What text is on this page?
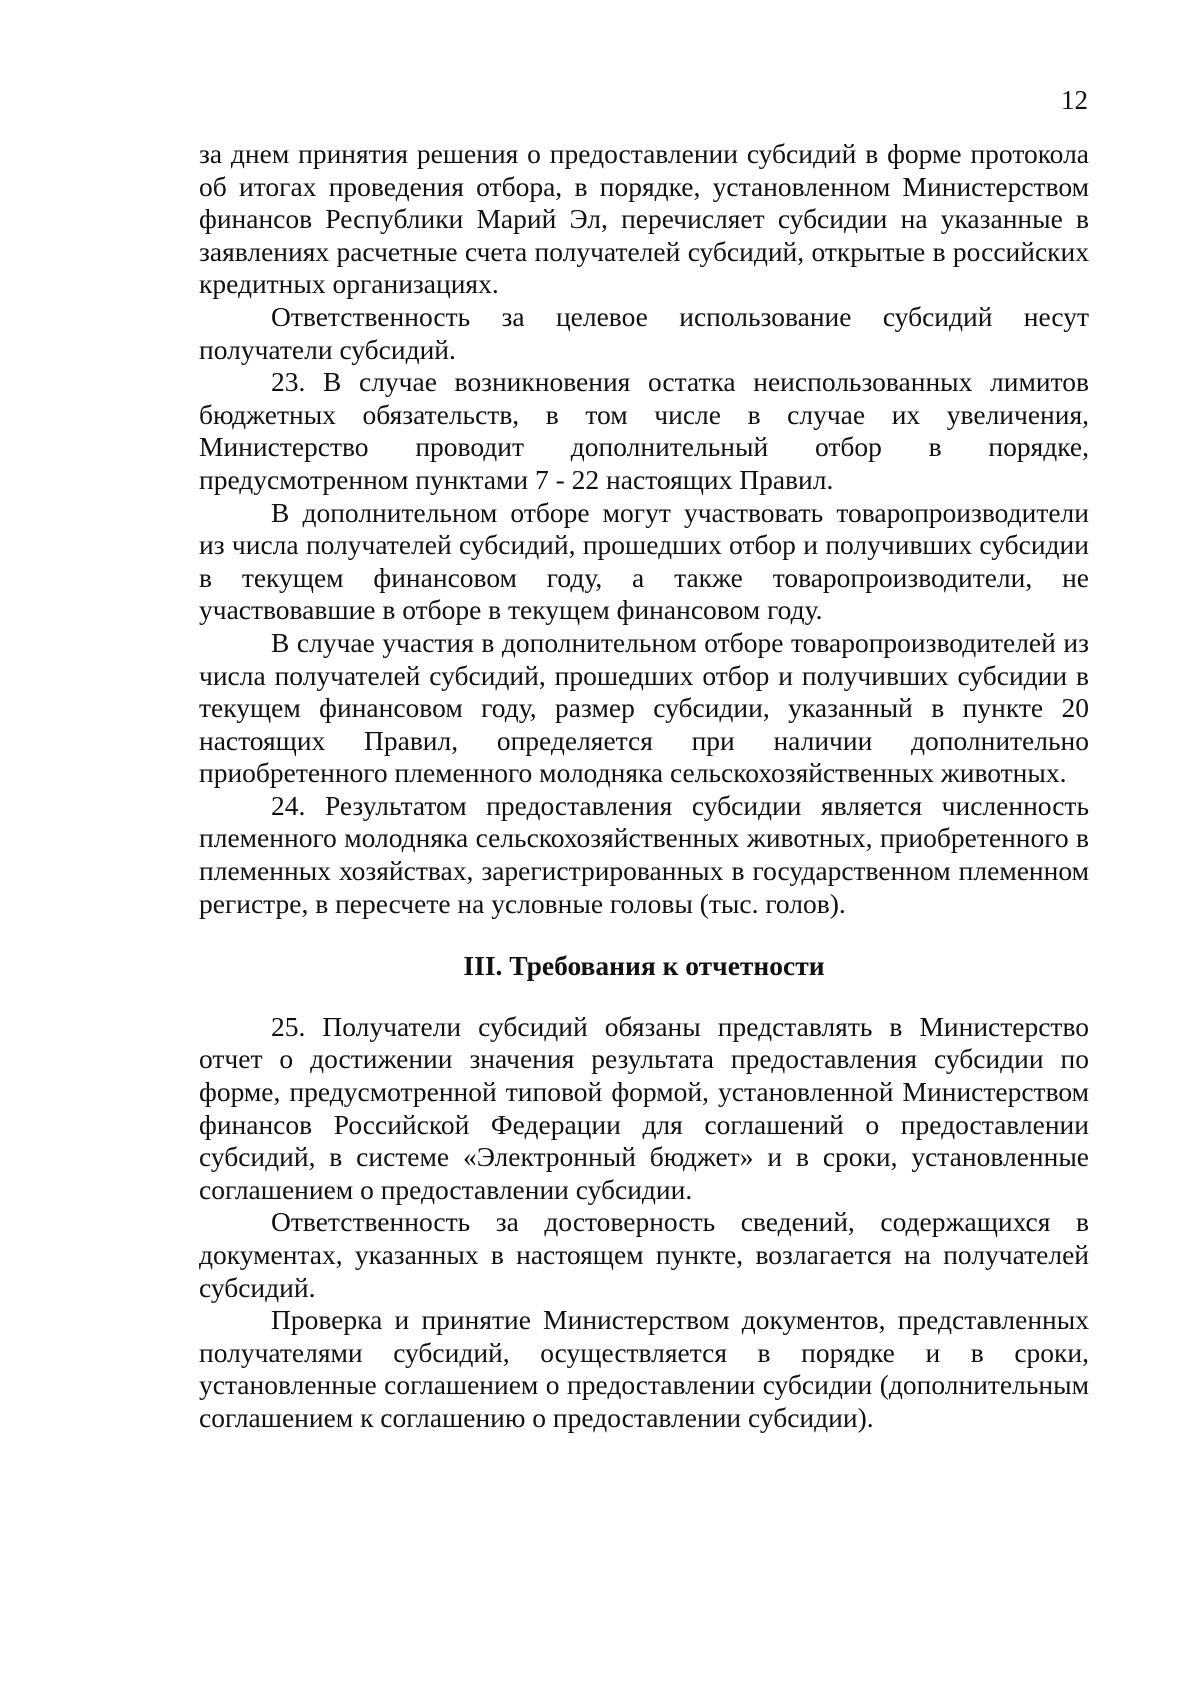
12

за днем принятия решения о предоставлении субсидий в форме протокола об итогах проведения отбора, в порядке, установленном Министерством финансов Республики Марий Эл, перечисляет субсидии на указанные в заявлениях расчетные счета получателей субсидий, открытые в российских кредитных организациях.

Ответственность за целевое использование субсидий несут получатели субсидий.

23. В случае возникновения остатка неиспользованных лимитов бюджетных обязательств, в том числе в случае их увеличения, Министерство проводит дополнительный отбор в порядке, предусмотренном пунктами 7 - 22 настоящих Правил.

В дополнительном отборе могут участвовать товаропроизводители из числа получателей субсидий, прошедших отбор и получивших субсидии в текущем финансовом году, а также товаропроизводители, не участвовавшие в отборе в текущем финансовом году.

В случае участия в дополнительном отборе товаропроизводителей из числа получателей субсидий, прошедших отбор и получивших субсидии в текущем финансовом году, размер субсидии, указанный в пункте 20 настоящих Правил, определяется при наличии дополнительно приобретенного племенного молодняка сельскохозяйственных животных.

24. Результатом предоставления субсидии является численность племенного молодняка сельскохозяйственных животных, приобретенного в племенных хозяйствах, зарегистрированных в государственном племенном регистре, в пересчете на условные головы (тыс. голов).

III. Требования к отчетности

25. Получатели субсидий обязаны представлять в Министерство отчет о достижении значения результата предоставления субсидии по форме, предусмотренной типовой формой, установленной Министерством финансов Российской Федерации для соглашений о предоставлении субсидий, в системе «Электронный бюджет» и в сроки, установленные соглашением о предоставлении субсидии.

Ответственность за достоверность сведений, содержащихся в документах, указанных в настоящем пункте, возлагается на получателей субсидий.

Проверка и принятие Министерством документов, представленных получателями субсидий, осуществляется в порядке и в сроки, установленные соглашением о предоставлении субсидии (дополнительным соглашением к соглашению о предоставлении субсидии).
